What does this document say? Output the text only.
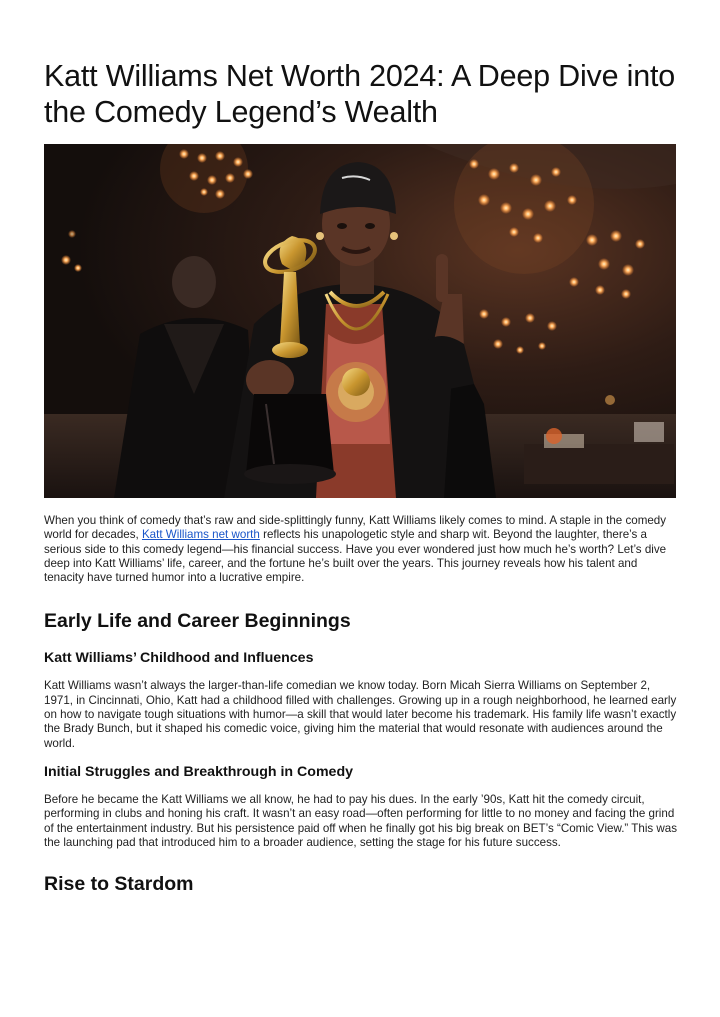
Katt Williams Net Worth 2024: A Deep Dive into the Comedy Legend’s Wealth

When you think of comedy that’s raw and side-splittingly funny, Katt Williams likely comes to mind. A staple in the comedy world for decades, Katt Williams net worth reflects his unapologetic style and sharp wit. Beyond the laughter, there’s a serious side to this comedy legend—his financial success. Have you ever wondered just how much he’s worth? Let’s dive deep into Katt Williams’ life, career, and the fortune he’s built over the years. This journey reveals how his talent and tenacity have turned humor into a lucrative empire.

Early Life and Career Beginnings
Katt Williams’ Childhood and Influences

Katt Williams wasn’t always the larger-than-life comedian we know today. Born Micah Sierra Williams on September 2, 1971, in Cincinnati, Ohio, Katt had a childhood filled with challenges. Growing up in a rough neighborhood, he learned early on how to navigate tough situations with humor—a skill that would later become his trademark. His family life wasn’t exactly the Brady Bunch, but it shaped his comedic voice, giving him the material that would resonate with audiences around the world.

Initial Struggles and Breakthrough in Comedy

Before he became the Katt Williams we all know, he had to pay his dues. In the early ’90s, Katt hit the comedy circuit, performing in clubs and honing his craft. It wasn’t an easy road—often performing for little to no money and facing the grind of the entertainment industry. But his persistence paid off when he finally got his big break on BET’s “Comic View.” This was the launching pad that introduced him to a broader audience, setting the stage for his future success.

Rise to Stardom
